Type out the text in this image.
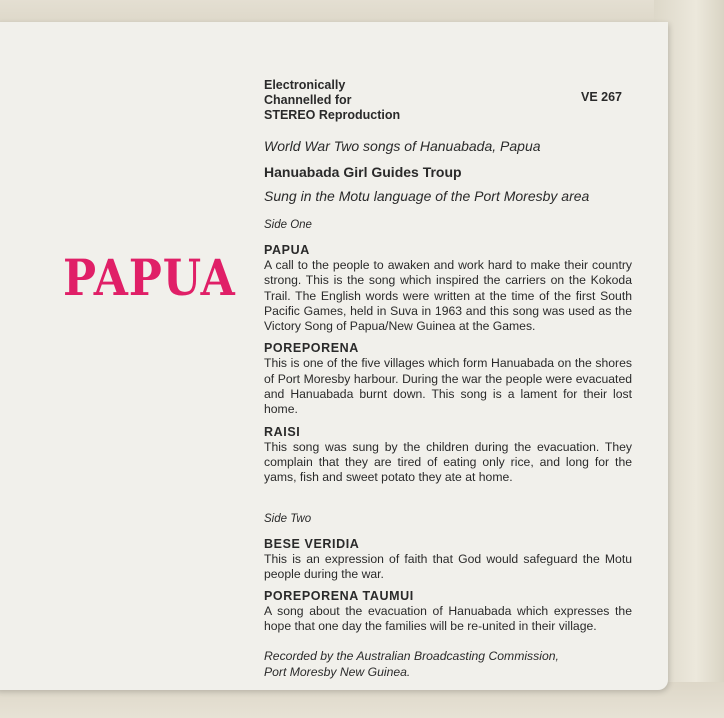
PAPUA
Electronically
Channelled for
STEREO Reproduction
VE 267
World War Two songs of Hanuabada, Papua
Hanuabada Girl Guides Troup
Sung in the Motu language of the Port Moresby area
Side One
PAPUA
A call to the people to awaken and work hard to make their country strong. This is the song which inspired the carriers on the Kokoda Trail. The English words were written at the time of the first South Pacific Games, held in Suva in 1963 and this song was used as the Victory Song of Papua/New Guinea at the Games.
POREPORENA
This is one of the five villages which form Hanuabada on the shores of Port Moresby harbour. During the war the people were evacuated and Hanuabada burnt down. This song is a lament for their lost home.
RAISI
This song was sung by the children during the evacuation. They complain that they are tired of eating only rice, and long for the yams, fish and sweet potato they ate at home.
Side Two
BESE VERIDIA
This is an expression of faith that God would safeguard the Motu people during the war.
POREPORENA TAUMUI
A song about the evacuation of Hanuabada which expresses the hope that one day the families will be re-united in their village.
Recorded by the Australian Broadcasting Commission,
Port Moresby New Guinea.
